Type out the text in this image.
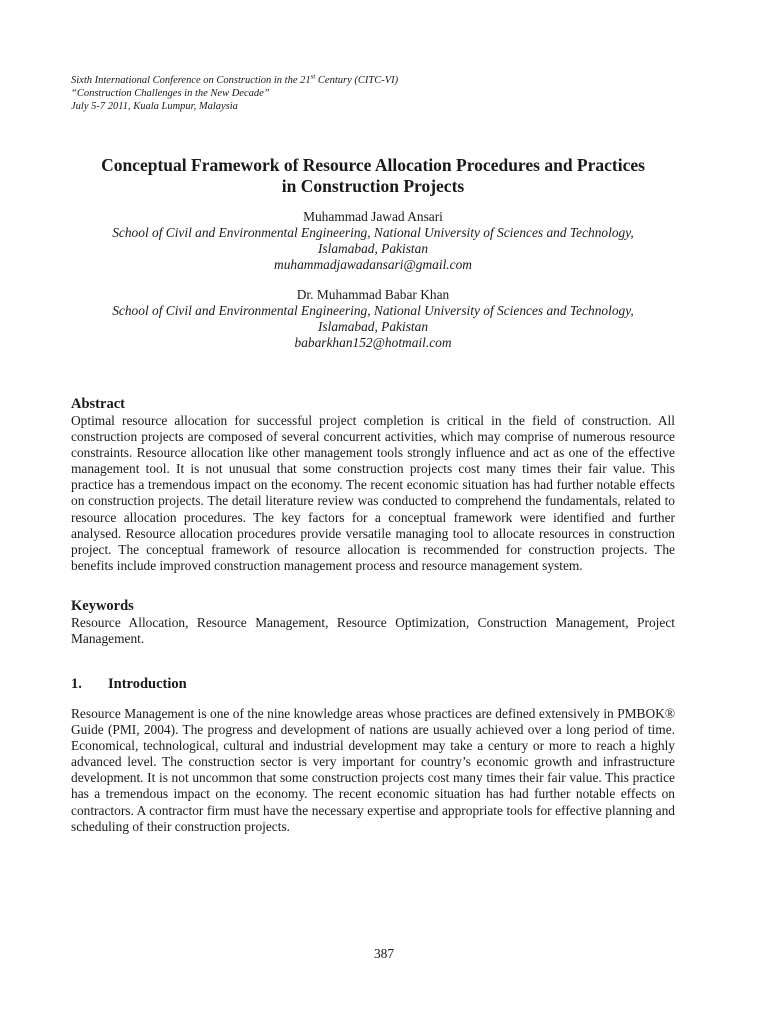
Sixth International Conference on Construction in the 21st Century (CITC-VI)
“Construction Challenges in the New Decade”
July 5-7 2011, Kuala Lumpur, Malaysia
Conceptual Framework of Resource Allocation Procedures and Practices
in Construction Projects
Muhammad Jawad Ansari
School of Civil and Environmental Engineering, National University of Sciences and Technology,
Islamabad, Pakistan
muhammadjawadansari@gmail.com
Dr. Muhammad Babar Khan
School of Civil and Environmental Engineering, National University of Sciences and Technology,
Islamabad, Pakistan
babarkhan152@hotmail.com
Abstract
Optimal resource allocation for successful project completion is critical in the field of construction. All construction projects are composed of several concurrent activities, which may comprise of numerous resource constraints. Resource allocation like other management tools strongly influence and act as one of the effective management tool. It is not unusual that some construction projects cost many times their fair value. This practice has a tremendous impact on the economy. The recent economic situation has had further notable effects on construction projects. The detail literature review was conducted to comprehend the fundamentals, related to resource allocation procedures. The key factors for a conceptual framework were identified and further analysed. Resource allocation procedures provide versatile managing tool to allocate resources in construction project. The conceptual framework of resource allocation is recommended for construction projects. The benefits include improved construction management process and resource management system.
Keywords
Resource Allocation, Resource Management, Resource Optimization, Construction Management, Project Management.
1. Introduction
Resource Management is one of the nine knowledge areas whose practices are defined extensively in PMBOK® Guide (PMI, 2004). The progress and development of nations are usually achieved over a long period of time. Economical, technological, cultural and industrial development may take a century or more to reach a highly advanced level. The construction sector is very important for country’s economic growth and infrastructure development. It is not uncommon that some construction projects cost many times their fair value. This practice has a tremendous impact on the economy. The recent economic situation has had further notable effects on contractors. A contractor firm must have the necessary expertise and appropriate tools for effective planning and scheduling of their construction projects.
387
